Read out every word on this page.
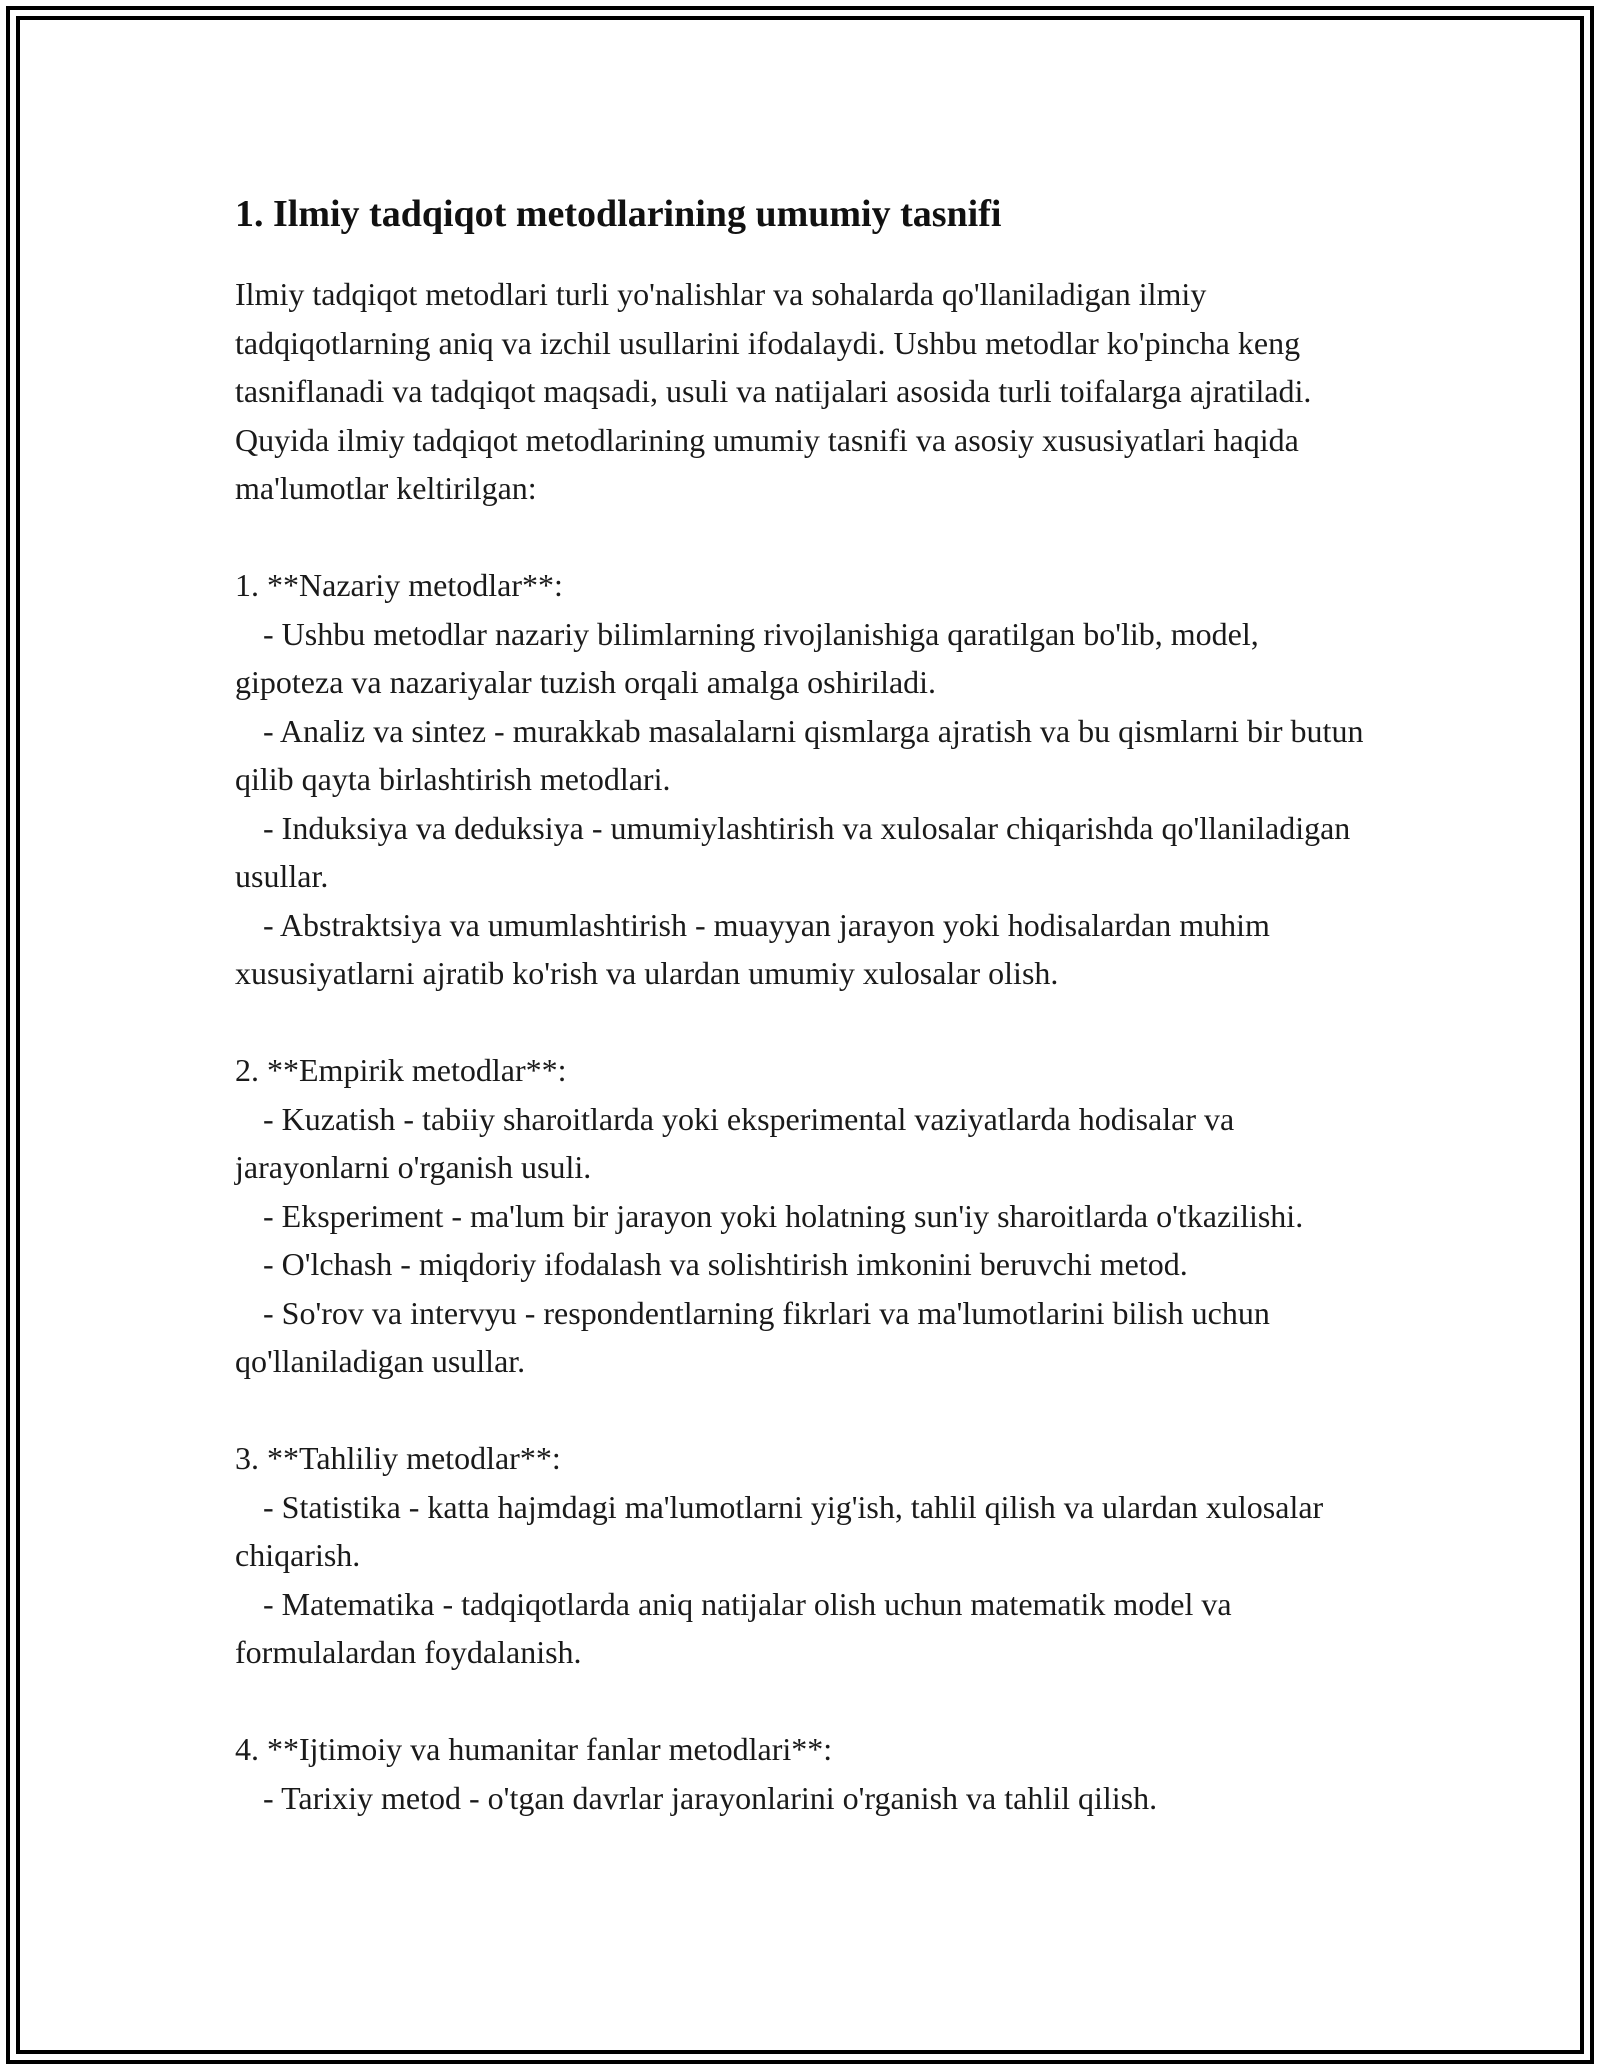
1. Ilmiy tadqiqot metodlarining umumiy tasnifi

Ilmiy tadqiqot metodlari turli yo'nalishlar va sohalarda qo'llaniladigan ilmiy tadqiqotlarning aniq va izchil usullarini ifodalaydi. Ushbu metodlar ko'pincha keng tasniflanadi va tadqiqot maqsadi, usuli va natijalari asosida turli toifalarga ajratiladi. Quyida ilmiy tadqiqot metodlarining umumiy tasnifi va asosiy xususiyatlari haqida ma'lumotlar keltirilgan:

1. **Nazariy metodlar**:

- Ushbu metodlar nazariy bilimlarning rivojlanishiga qaratilgan bo'lib, model, gipoteza va nazariyalar tuzish orqali amalga oshiriladi.

- Analiz va sintez - murakkab masalalarni qismlarga ajratish va bu qismlarni bir butun qilib qayta birlashtirish metodlari.

- Induksiya va deduksiya - umumiylashtirish va xulosalar chiqarishda qo'llaniladigan usullar.

- Abstraktsiya va umumlashtirish - muayyan jarayon yoki hodisalardan muhim xususiyatlarni ajratib ko'rish va ulardan umumiy xulosalar olish.

2. **Empirik metodlar**:

- Kuzatish - tabiiy sharoitlarda yoki eksperimental vaziyatlarda hodisalar va jarayonlarni o'rganish usuli.

- Eksperiment - ma'lum bir jarayon yoki holatning sun'iy sharoitlarda o'tkazilishi.

- O'lchash - miqdoriy ifodalash va solishtirish imkonini beruvchi metod.

- So'rov va intervyu - respondentlarning fikrlari va ma'lumotlarini bilish uchun qo'llaniladigan usullar.

3. **Tahliliy metodlar**:

- Statistika - katta hajmdagi ma'lumotlarni yig'ish, tahlil qilish va ulardan xulosalar chiqarish.

- Matematika - tadqiqotlarda aniq natijalar olish uchun matematik model va formulalardan foydalanish.

4. **Ijtimoiy va humanitar fanlar metodlari**:

- Tarixiy metod - o'tgan davrlar jarayonlarini o'rganish va tahlil qilish.
